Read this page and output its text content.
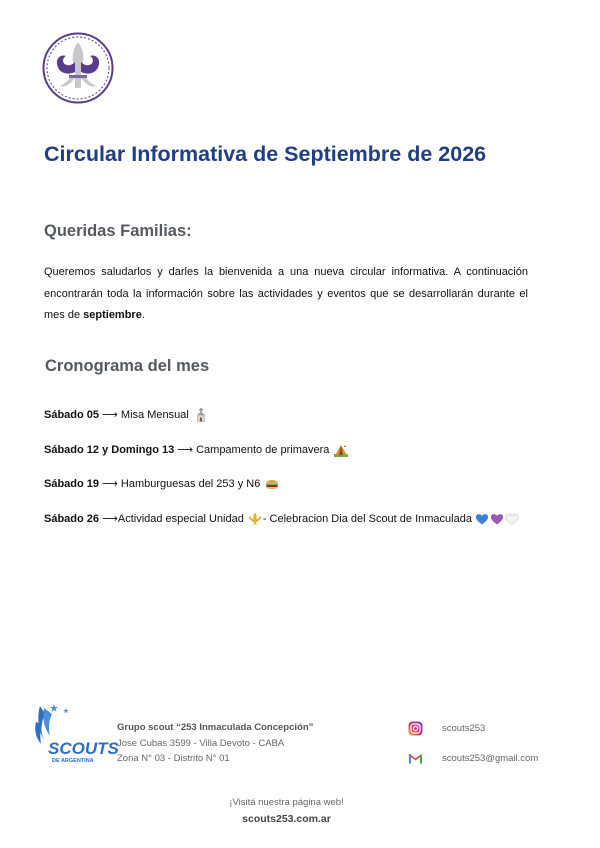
Circular Informativa de Septiembre de 2026
Queridas Familias:

Queremos saludarlos y darles la bienvenida a una nueva circular informativa. A continuación encontrarán toda la información sobre las actividades y eventos que se desarrollarán durante el mes de septiembre.

Cronograma del mes
Sábado 05 ⟶ Misa Mensual
Sábado 12 y Domingo 13 ⟶ Campamento de primavera
Sábado 19 ⟶ Hamburguesas del 253 y N6
Sábado 26 ⟶ Actividad especial Unidad - Celebracion Dia del Scout de Inmaculada
SCOUTS
DE ARGENTINA
Grupo scout “253 Inmaculada Concepción”
Jose Cubas 3599 - Villa Devoto - CABA
Zona N° 03 - Distrito N° 01
scouts253
scouts253@gmail.com
¡Visitá nuestra página web!
scouts253.com.ar
